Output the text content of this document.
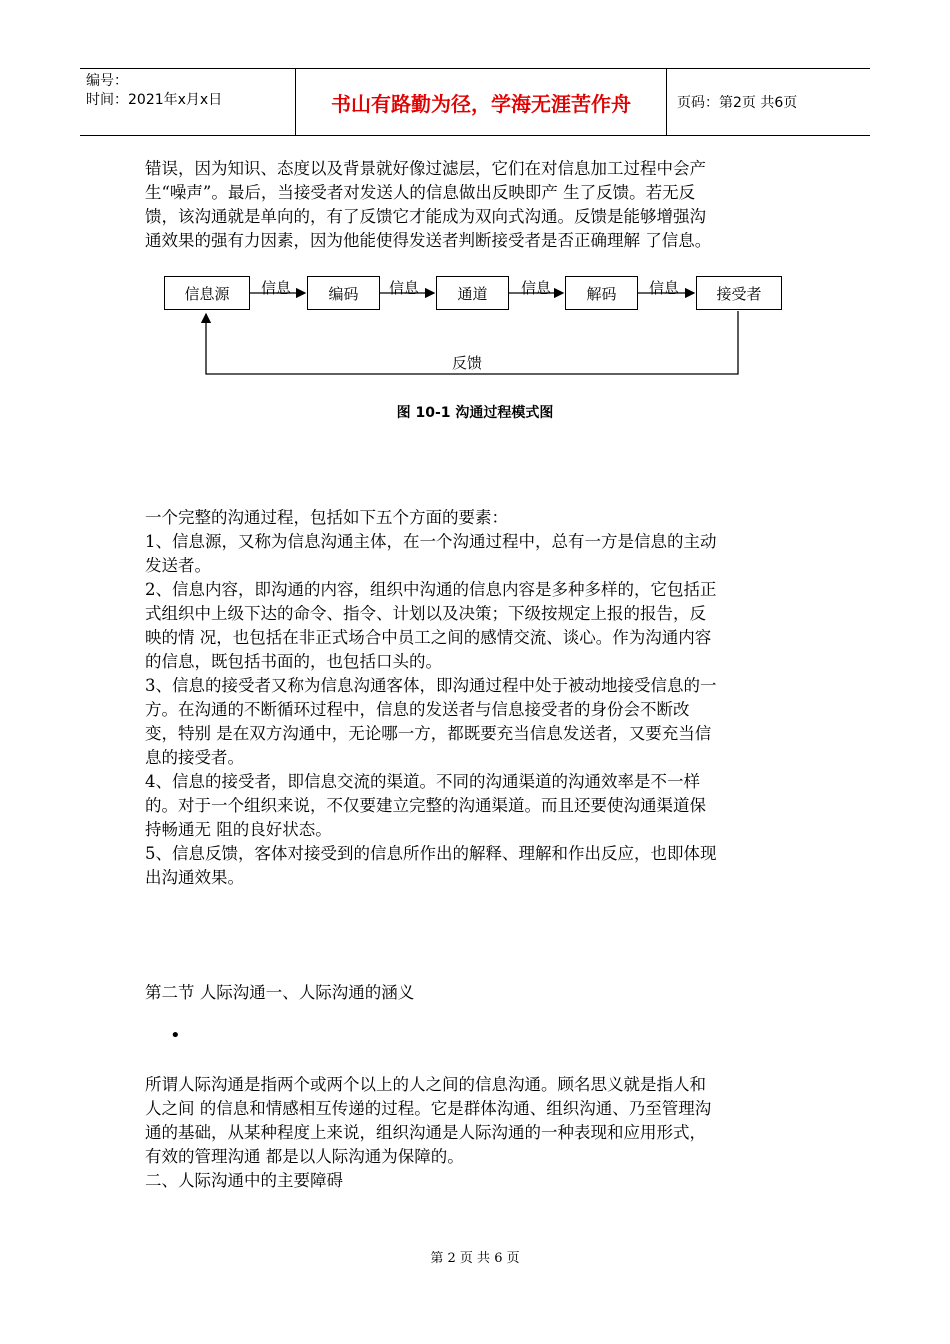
编号：
时间：2021年x月x日	书山有路勤为径，学海无涯苦作舟	页码：第2页 共6页

错误，因为知识、态度以及背景就好像过滤层，它们在对信息加工过程中会产

生“噪声”。最后，当接受者对发送人的信息做出反映即产 生了反馈。若无反

馈，该沟通就是单向的，有了反馈它才能成为双向式沟通。反馈是能够增强沟

通效果的强有力因素，因为他能使得发送者判断接受者是否正确理解 了信息。

信息源	编码	通道	解码	接受者
信息	信息	信息	信息
反馈
图 10-1 沟通过程模式图

一个完整的沟通过程，包括如下五个方面的要素：

1、信息源，又称为信息沟通主体，在一个沟通过程中，总有一方是信息的主动

发送者。

2、信息内容，即沟通的内容，组织中沟通的信息内容是多种多样的，它包括正

式组织中上级下达的命令、指令、计划以及决策；下级按规定上报的报告，反

映的情 况，也包括在非正式场合中员工之间的感情交流、谈心。作为沟通内容

的信息，既包括书面的，也包括口头的。

3、信息的接受者又称为信息沟通客体，即沟通过程中处于被动地接受信息的一

方。在沟通的不断循环过程中，信息的发送者与信息接受者的身份会不断改

变，特别 是在双方沟通中，无论哪一方，都既要充当信息发送者，又要充当信

息的接受者。

4、信息的接受者，即信息交流的渠道。不同的沟通渠道的沟通效率是不一样

的。对于一个组织来说，不仅要建立完整的沟通渠道。而且还要使沟通渠道保

持畅通无 阻的良好状态。

5、信息反馈，客体对接受到的信息所作出的解释、理解和作出反应，也即体现

出沟通效果。

第二节 人际沟通一、人际沟通的涵义
•

所谓人际沟通是指两个或两个以上的人之间的信息沟通。顾名思义就是指人和

人之间 的信息和情感相互传递的过程。它是群体沟通、组织沟通、乃至管理沟

通的基础，从某种程度上来说，组织沟通是人际沟通的一种表现和应用形式，

有效的管理沟通 都是以人际沟通为保障的。

二、人际沟通中的主要障碍

第 2 页 共 6 页
